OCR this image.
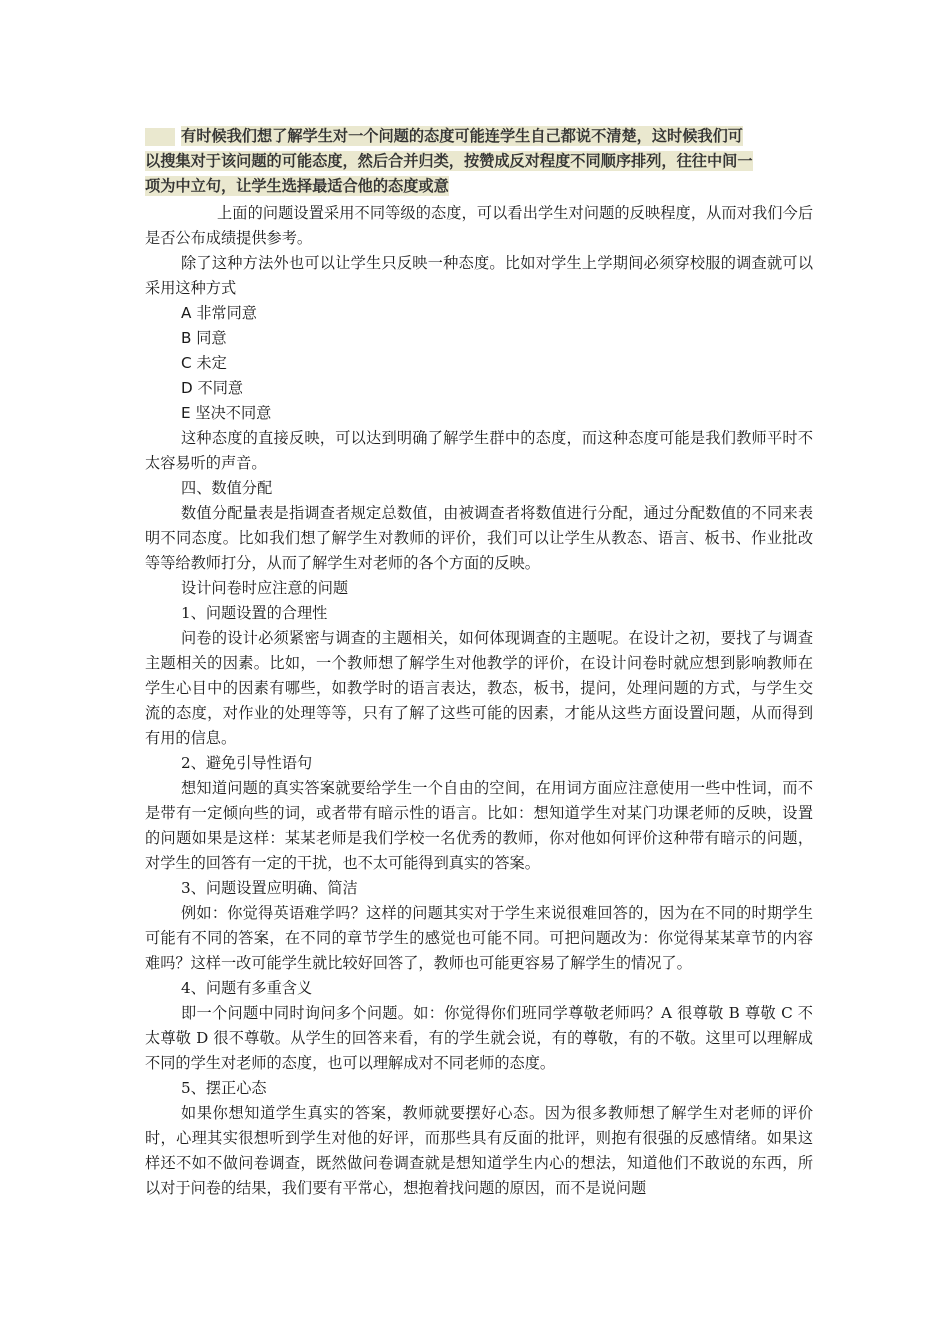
有时候我们想了解学生对一个问题的态度可能连学生自己都说不清楚，这时候我们可
以搜集对于该问题的可能态度，然后合并归类，按赞成反对程度不同顺序排列，往往中间一
项为中立句，让学生选择最适合他的态度或意

上面的问题设置采用不同等级的态度，可以看出学生对问题的反映程度，从而对我们今后是否公布成绩提供参考。

除了这种方法外也可以让学生只反映一种态度。比如对学生上学期间必须穿校服的调查就可以采用这种方式

A 非常同意

B 同意

C 未定

D 不同意

E 坚决不同意

这种态度的直接反映，可以达到明确了解学生群中的态度，而这种态度可能是我们教师平时不太容易听的声音。

四、数值分配

数值分配量表是指调查者规定总数值，由被调查者将数值进行分配，通过分配数值的不同来表明不同态度。比如我们想了解学生对教师的评价，我们可以让学生从教态、语言、板书、作业批改等等给教师打分，从而了解学生对老师的各个方面的反映。

设计问卷时应注意的问题

1、问题设置的合理性

问卷的设计必须紧密与调查的主题相关，如何体现调查的主题呢。在设计之初，要找了与调查主题相关的因素。比如，一个教师想了解学生对他教学的评价，在设计问卷时就应想到影响教师在学生心目中的因素有哪些，如教学时的语言表达，教态，板书，提问，处理问题的方式，与学生交流的态度，对作业的处理等等，只有了解了这些可能的因素，才能从这些方面设置问题，从而得到有用的信息。

2、避免引导性语句

想知道问题的真实答案就要给学生一个自由的空间，在用词方面应注意使用一些中性词，而不是带有一定倾向些的词，或者带有暗示性的语言。比如：想知道学生对某门功课老师的反映，设置的问题如果是这样：某某老师是我们学校一名优秀的教师，你对他如何评价这种带有暗示的问题，对学生的回答有一定的干扰，也不太可能得到真实的答案。

3、问题设置应明确、简洁

例如：你觉得英语难学吗？这样的问题其实对于学生来说很难回答的，因为在不同的时期学生可能有不同的答案，在不同的章节学生的感觉也可能不同。可把问题改为：你觉得某某章节的内容难吗？这样一改可能学生就比较好回答了，教师也可能更容易了解学生的情况了。

4、问题有多重含义

即一个问题中同时询问多个问题。如：你觉得你们班同学尊敬老师吗？A 很尊敬 B 尊敬 C 不太尊敬 D 很不尊敬。从学生的回答来看，有的学生就会说，有的尊敬，有的不敬。这里可以理解成不同的学生对老师的态度，也可以理解成对不同老师的态度。

5、摆正心态

如果你想知道学生真实的答案，教师就要摆好心态。因为很多教师想了解学生对老师的评价时，心理其实很想听到学生对他的好评，而那些具有反面的批评，则抱有很强的反感情绪。如果这样还不如不做问卷调查，既然做问卷调查就是想知道学生内心的想法，知道他们不敢说的东西，所以对于问卷的结果，我们要有平常心，想抱着找问题的原因，而不是说问题
